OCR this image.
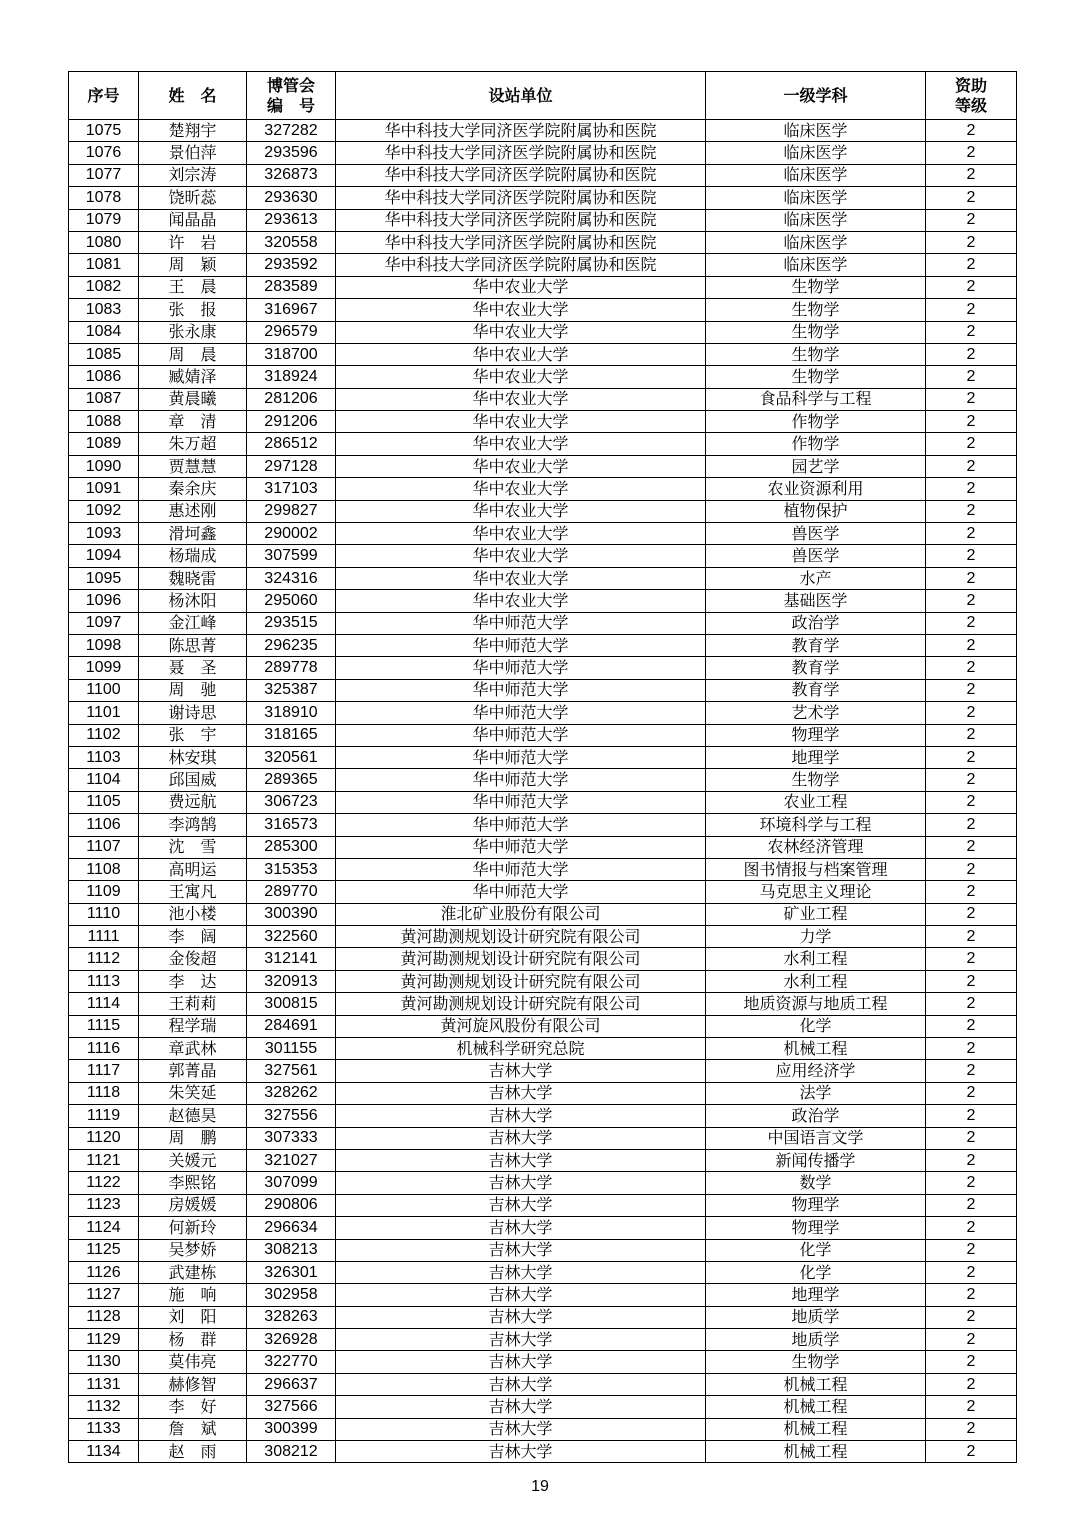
序号	姓　名	博管会
编　号	设站单位	一级学科	资助
等级
1075	楚翔宇	327282	华中科技大学同济医学院附属协和医院	临床医学	2
1076	景伯萍	293596	华中科技大学同济医学院附属协和医院	临床医学	2
1077	刘宗涛	326873	华中科技大学同济医学院附属协和医院	临床医学	2
1078	饶昕蕊	293630	华中科技大学同济医学院附属协和医院	临床医学	2
1079	闻晶晶	293613	华中科技大学同济医学院附属协和医院	临床医学	2
1080	许　岩	320558	华中科技大学同济医学院附属协和医院	临床医学	2
1081	周　颖	293592	华中科技大学同济医学院附属协和医院	临床医学	2
1082	王　晨	283589	华中农业大学	生物学	2
1083	张　报	316967	华中农业大学	生物学	2
1084	张永康	296579	华中农业大学	生物学	2
1085	周　晨	318700	华中农业大学	生物学	2
1086	臧婧泽	318924	华中农业大学	生物学	2
1087	黄晨曦	281206	华中农业大学	食品科学与工程	2
1088	章　清	291206	华中农业大学	作物学	2
1089	朱万超	286512	华中农业大学	作物学	2
1090	贾慧慧	297128	华中农业大学	园艺学	2
1091	秦余庆	317103	华中农业大学	农业资源利用	2
1092	惠述刚	299827	华中农业大学	植物保护	2
1093	滑坷鑫	290002	华中农业大学	兽医学	2
1094	杨瑞成	307599	华中农业大学	兽医学	2
1095	魏晓雷	324316	华中农业大学	水产	2
1096	杨沐阳	295060	华中农业大学	基础医学	2
1097	金江峰	293515	华中师范大学	政治学	2
1098	陈思菁	296235	华中师范大学	教育学	2
1099	聂　圣	289778	华中师范大学	教育学	2
1100	周　驰	325387	华中师范大学	教育学	2
1101	谢诗思	318910	华中师范大学	艺术学	2
1102	张　宇	318165	华中师范大学	物理学	2
1103	林安琪	320561	华中师范大学	地理学	2
1104	邱国威	289365	华中师范大学	生物学	2
1105	费远航	306723	华中师范大学	农业工程	2
1106	李鸿鹄	316573	华中师范大学	环境科学与工程	2
1107	沈　雪	285300	华中师范大学	农林经济管理	2
1108	高明运	315353	华中师范大学	图书情报与档案管理	2
1109	王寓凡	289770	华中师范大学	马克思主义理论	2
1110	池小楼	300390	淮北矿业股份有限公司	矿业工程	2
1111	李　阔	322560	黄河勘测规划设计研究院有限公司	力学	2
1112	金俊超	312141	黄河勘测规划设计研究院有限公司	水利工程	2
1113	李　达	320913	黄河勘测规划设计研究院有限公司	水利工程	2
1114	王莉莉	300815	黄河勘测规划设计研究院有限公司	地质资源与地质工程	2
1115	程学瑞	284691	黄河旋风股份有限公司	化学	2
1116	章武林	301155	机械科学研究总院	机械工程	2
1117	郭菁晶	327561	吉林大学	应用经济学	2
1118	朱笑延	328262	吉林大学	法学	2
1119	赵德昊	327556	吉林大学	政治学	2
1120	周　鹏	307333	吉林大学	中国语言文学	2
1121	关媛元	321027	吉林大学	新闻传播学	2
1122	李熙铭	307099	吉林大学	数学	2
1123	房媛媛	290806	吉林大学	物理学	2
1124	何新玲	296634	吉林大学	物理学	2
1125	吴梦娇	308213	吉林大学	化学	2
1126	武建栋	326301	吉林大学	化学	2
1127	施　响	302958	吉林大学	地理学	2
1128	刘　阳	328263	吉林大学	地质学	2
1129	杨　群	326928	吉林大学	地质学	2
1130	莫伟亮	322770	吉林大学	生物学	2
1131	赫修智	296637	吉林大学	机械工程	2
1132	李　好	327566	吉林大学	机械工程	2
1133	詹　斌	300399	吉林大学	机械工程	2
1134	赵　雨	308212	吉林大学	机械工程	2
19
